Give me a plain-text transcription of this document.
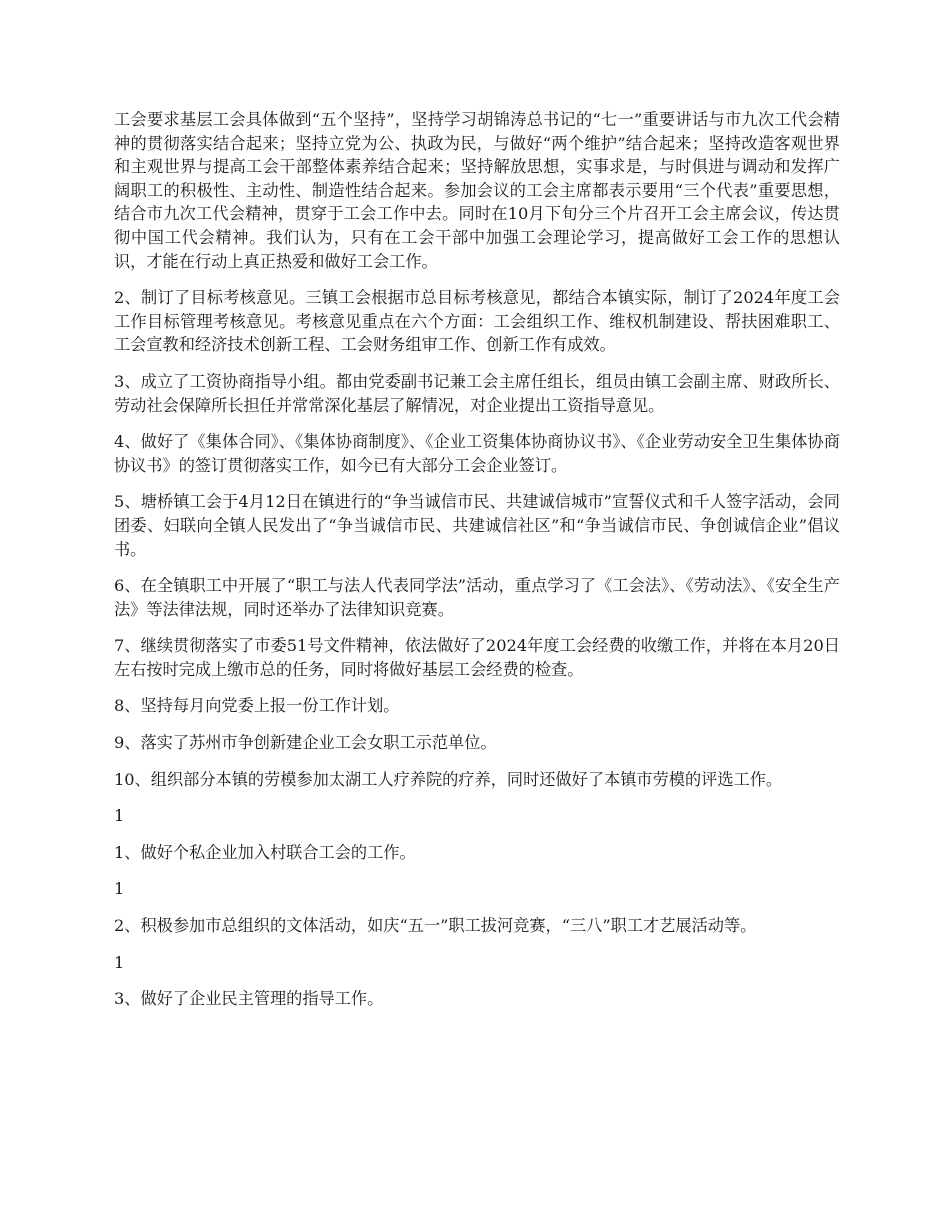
工会要求基层工会具体做到“五个坚持”，坚持学习胡锦涛总书记的“七一”重要讲话与市九次工代会精神的贯彻落实结合起来；坚持立党为公、执政为民，与做好“两个维护”结合起来；坚持改造客观世界和主观世界与提高工会干部整体素养结合起来；坚持解放思想，实事求是，与时俱进与调动和发挥广阔职工的积极性、主动性、制造性结合起来。参加会议的工会主席都表示要用“三个代表”重要思想，结合市九次工代会精神，贯穿于工会工作中去。同时在10月下旬分三个片召开工会主席会议，传达贯彻中国工代会精神。我们认为，只有在工会干部中加强工会理论学习，提高做好工会工作的思想认识，才能在行动上真正热爱和做好工会工作。

2、制订了目标考核意见。三镇工会根据市总目标考核意见，都结合本镇实际，制订了2024年度工会工作目标管理考核意见。考核意见重点在六个方面：工会组织工作、维权机制建设、帮扶困难职工、工会宣教和经济技术创新工程、工会财务组审工作、创新工作有成效。

3、成立了工资协商指导小组。都由党委副书记兼工会主席任组长，组员由镇工会副主席、财政所长、劳动社会保障所长担任并常常深化基层了解情况，对企业提出工资指导意见。

4、做好了《集体合同》、《集体协商制度》、《企业工资集体协商协议书》、《企业劳动安全卫生集体协商协议书》的签订贯彻落实工作，如今已有大部分工会企业签订。

5、塘桥镇工会于4月12日在镇进行的“争当诚信市民、共建诚信城市”宣誓仪式和千人签字活动，会同团委、妇联向全镇人民发出了“争当诚信市民、共建诚信社区”和“争当诚信市民、争创诚信企业”倡议书。

6、在全镇职工中开展了“职工与法人代表同学法”活动，重点学习了《工会法》、《劳动法》、《安全生产法》等法律法规，同时还举办了法律知识竞赛。

7、继续贯彻落实了市委51号文件精神，依法做好了2024年度工会经费的收缴工作，并将在本月20日左右按时完成上缴市总的任务，同时将做好基层工会经费的检查。

8、坚持每月向党委上报一份工作计划。

9、落实了苏州市争创新建企业工会女职工示范单位。

10、组织部分本镇的劳模参加太湖工人疗养院的疗养，同时还做好了本镇市劳模的评选工作。

1

1、做好个私企业加入村联合工会的工作。

1

2、积极参加市总组织的文体活动，如庆“五一”职工拔河竞赛，“三八”职工才艺展活动等。

1

3、做好了企业民主管理的指导工作。
